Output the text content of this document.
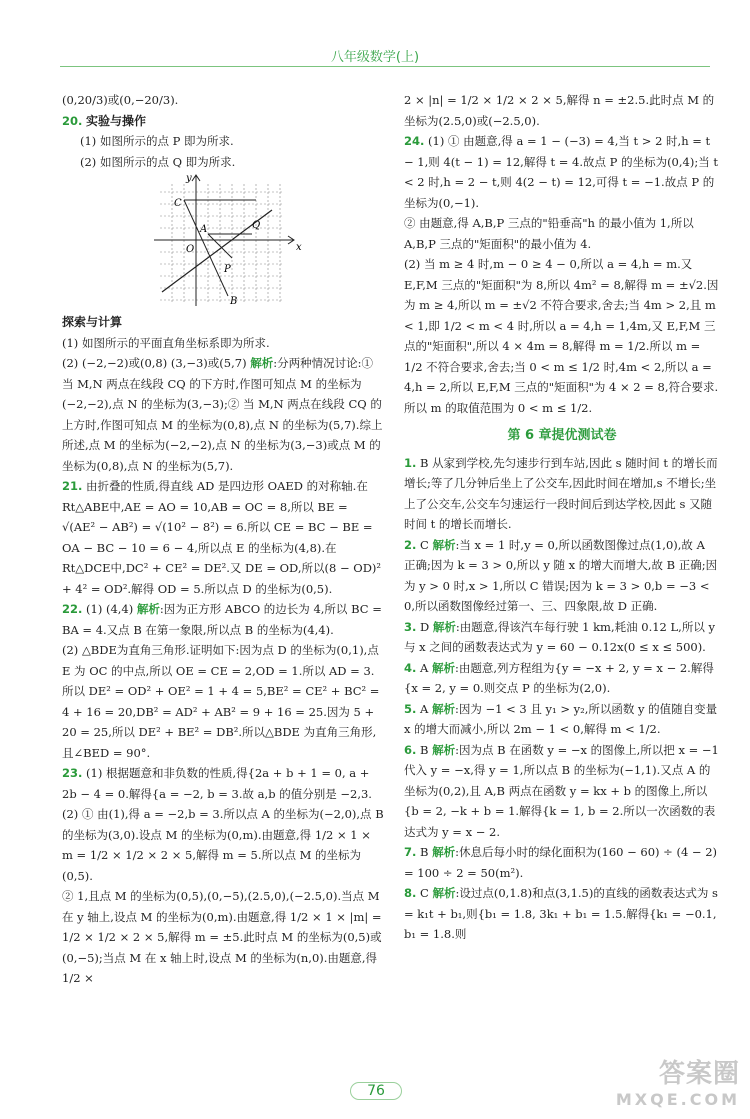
八年级数学(上)

(0,20/3)或(0,−20/3).

20. 实验与操作

(1) 如图所示的点 P 即为所求.

(2) 如图所示的点 Q 即为所求.

y
x
O
C
A
B
P
Q

探索与计算

(1) 如图所示的平面直角坐标系即为所求.

(2) (−2,−2)或(0,8) (3,−3)或(5,7) 解析:分两种情况讨论:① 当 M,N 两点在线段 CQ 的下方时,作图可知点 M 的坐标为(−2,−2),点 N 的坐标为(3,−3);② 当 M,N 两点在线段 CQ 的上方时,作图可知点 M 的坐标为(0,8),点 N 的坐标为(5,7).综上所述,点 M 的坐标为(−2,−2),点 N 的坐标为(3,−3)或点 M 的坐标为(0,8),点 N 的坐标为(5,7).

21. 由折叠的性质,得直线 AD 是四边形 OAED 的对称轴.在Rt△ABE中,AE = AO = 10,AB = OC = 8,所以 BE = √(AE² − AB²) = √(10² − 8²) = 6.所以 CE = BC − BE = OA − BC − 10 = 6 − 4,所以点 E 的坐标为(4,8).在Rt△DCE中,DC² + CE² = DE².又 DE = OD,所以(8 − OD)² + 4² = OD².解得 OD = 5.所以点 D 的坐标为(0,5).

22. (1) (4,4) 解析:因为正方形 ABCO 的边长为 4,所以 BC = BA = 4.又点 B 在第一象限,所以点 B 的坐标为(4,4).

(2) △BDE为直角三角形.证明如下:因为点 D 的坐标为(0,1),点 E 为 OC 的中点,所以 OE = CE = 2,OD = 1.所以 AD = 3.所以 DE² = OD² + OE² = 1 + 4 = 5,BE² = CE² + BC² = 4 + 16 = 20,DB² = AD² + AB² = 9 + 16 = 25.因为 5 + 20 = 25,所以 DE² + BE² = DB².所以△BDE 为直角三角形,且∠BED = 90°.

23. (1) 根据题意和非负数的性质,得{2a + b + 1 = 0, a + 2b − 4 = 0.解得{a = −2, b = 3.故 a,b 的值分别是 −2,3.

(2) ① 由(1),得 a = −2,b = 3.所以点 A 的坐标为(−2,0),点 B 的坐标为(3,0).设点 M 的坐标为(0,m).由题意,得 1/2 × 1 × m = 1/2 × 1/2 × 2 × 5,解得 m = 5.所以点 M 的坐标为(0,5).

② 1,且点 M 的坐标为(0,5),(0,−5),(2.5,0),(−2.5,0).当点 M 在 y 轴上,设点 M 的坐标为(0,m).由题意,得 1/2 × 1 × |m| = 1/2 × 1/2 × 2 × 5,解得 m = ±5.此时点 M 的坐标为(0,5)或(0,−5);当点 M 在 x 轴上时,设点 M 的坐标为(n,0).由题意,得 1/2 ×

2 × |n| = 1/2 × 1/2 × 2 × 5,解得 n = ±2.5.此时点 M 的坐标为(2.5,0)或(−2.5,0).

24. (1) ① 由题意,得 a = 1 − (−3) = 4,当 t > 2 时,h = t − 1,则 4(t − 1) = 12,解得 t = 4.故点 P 的坐标为(0,4);当 t < 2 时,h = 2 − t,则 4(2 − t) = 12,可得 t = −1.故点 P 的坐标为(0,−1).

② 由题意,得 A,B,P 三点的"铅垂高"h 的最小值为 1,所以 A,B,P 三点的"矩面积"的最小值为 4.

(2) 当 m ≥ 4 时,m − 0 ≥ 4 − 0,所以 a = 4,h = m.又 E,F,M 三点的"矩面积"为 8,所以 4m² = 8,解得 m = ±√2.因为 m ≥ 4,所以 m = ±√2 不符合要求,舍去;当 4m > 2,且 m < 1,即 1/2 < m < 4 时,所以 a = 4,h = 1,4m,又 E,F,M 三点的"矩面积",所以 4 × 4m = 8,解得 m = 1/2.所以 m = 1/2 不符合要求,舍去;当 0 < m ≤ 1/2 时,4m < 2,所以 a = 4,h = 2,所以 E,F,M 三点的"矩面积"为 4 × 2 = 8,符合要求.所以 m 的取值范围为 0 < m ≤ 1/2.

第 6 章提优测试卷

1. B 从家到学校,先匀速步行到车站,因此 s 随时间 t 的增长而增长;等了几分钟后坐上了公交车,因此时间在增加,s 不增长;坐上了公交车,公交车匀速运行一段时间后到达学校,因此 s 又随时间 t 的增长而增长.

2. C 解析:当 x = 1 时,y = 0,所以函数图像过点(1,0),故 A 正确;因为 k = 3 > 0,所以 y 随 x 的增大而增大,故 B 正确;因为 y > 0 时,x > 1,所以 C 错误;因为 k = 3 > 0,b = −3 < 0,所以函数图像经过第一、三、四象限,故 D 正确.

3. D 解析:由题意,得该汽车每行驶 1 km,耗油 0.12 L,所以 y 与 x 之间的函数表达式为 y = 60 − 0.12x(0 ≤ x ≤ 500).

4. A 解析:由题意,列方程组为{y = −x + 2, y = x − 2.解得{x = 2, y = 0.则交点 P 的坐标为(2,0).

5. A 解析:因为 −1 < 3 且 y₁ > y₂,所以函数 y 的值随自变量 x 的增大而减小,所以 2m − 1 < 0,解得 m < 1/2.

6. B 解析:因为点 B 在函数 y = −x 的图像上,所以把 x = −1 代入 y = −x,得 y = 1,所以点 B 的坐标为(−1,1).又点 A 的坐标为(0,2),且 A,B 两点在函数 y = kx + b 的图像上,所以{b = 2, −k + b = 1.解得{k = 1, b = 2.所以一次函数的表达式为 y = x − 2.

7. B 解析:休息后每小时的绿化面积为(160 − 60) ÷ (4 − 2) = 100 ÷ 2 = 50(m²).

8. C 解析:设过点(0,1.8)和点(3,1.5)的直线的函数表达式为 s = k₁t + b₁,则{b₁ = 1.8, 3k₁ + b₁ = 1.5.解得{k₁ = −0.1, b₁ = 1.8.则

76
答案圈
MXQE.COM
